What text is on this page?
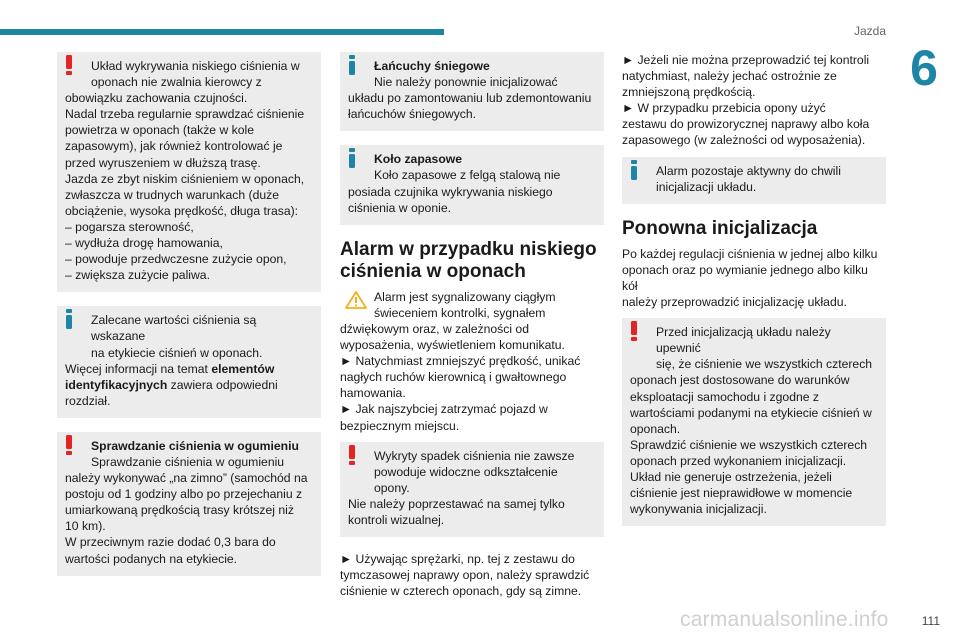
Jazda
6
Układ wykrywania niskiego ciśnienia w
oponach nie zwalnia kierowcy z
obowiązku zachowania czujności.
Nadal trzeba regularnie sprawdzać ciśnienie
powietrza w oponach (także w kole
zapasowym), jak również kontrolować je
przed wyruszeniem w dłuższą trasę.
Jazda ze zbyt niskim ciśnieniem w oponach,
zwłaszcza w trudnych warunkach (duże
obciążenie, wysoka prędkość, długa trasa):
– pogarsza sterowność,
– wydłuża drogę hamowania,
– powoduje przedwczesne zużycie opon,
– zwiększa zużycie paliwa.
Zalecane wartości ciśnienia są wskazane
na etykiecie ciśnień w oponach.
Więcej informacji na temat elementów
identyfikacyjnych zawiera odpowiedni
rozdział.
Sprawdzanie ciśnienia w ogumieniu
Sprawdzanie ciśnienia w ogumieniu
należy wykonywać „na zimno” (samochód na
postoju od 1 godziny albo po przejechaniu z
umiarkowaną prędkością trasy krótszej niż
10 km).
W przeciwnym razie dodać 0,3 bara do
wartości podanych na etykiecie.
Łańcuchy śniegowe
Nie należy ponownie inicjalizować
układu po zamontowaniu lub zdemontowaniu
łańcuchów śniegowych.
Koło zapasowe
Koło zapasowe z felgą stalową nie
posiada czujnika wykrywania niskiego
ciśnienia w oponie.
Alarm w przypadku niskiego
ciśnienia w oponach
Alarm jest sygnalizowany ciągłym
świeceniem kontrolki, sygnałem
dźwiękowym oraz, w zależności od
wyposażenia, wyświetleniem komunikatu.
► Natychmiast zmniejszyć prędkość, unikać
nagłych ruchów kierownicą i gwałtownego
hamowania.
► Jak najszybciej zatrzymać pojazd w
bezpiecznym miejscu.
Wykryty spadek ciśnienia nie zawsze
powoduje widoczne odkształcenie opony.
Nie należy poprzestawać na samej tylko
kontroli wizualnej.
► Używając sprężarki, np. tej z zestawu do
tymczasowej naprawy opon, należy sprawdzić
ciśnienie w czterech oponach, gdy są zimne.
► Jeżeli nie można przeprowadzić tej kontroli
natychmiast, należy jechać ostrożnie ze
zmniejszoną prędkością.
► W przypadku przebicia opony użyć
zestawu do prowizorycznej naprawy albo koła
zapasowego (w zależności od wyposażenia).
Alarm pozostaje aktywny do chwili
inicjalizacji układu.
Ponowna inicjalizacja
Po każdej regulacji ciśnienia w jednej albo kilku
oponach oraz po wymianie jednego albo kilku kół
należy przeprowadzić inicjalizację układu.
Przed inicjalizacją układu należy upewnić
się, że ciśnienie we wszystkich czterech
oponach jest dostosowane do warunków
eksploatacji samochodu i zgodne z
wartościami podanymi na etykiecie ciśnień w
oponach.
Sprawdzić ciśnienie we wszystkich czterech
oponach przed wykonaniem inicjalizacji.
Układ nie generuje ostrzeżenia, jeżeli
ciśnienie jest nieprawidłowe w momencie
wykonywania inicjalizacji.
carmanualsonline.info	111
